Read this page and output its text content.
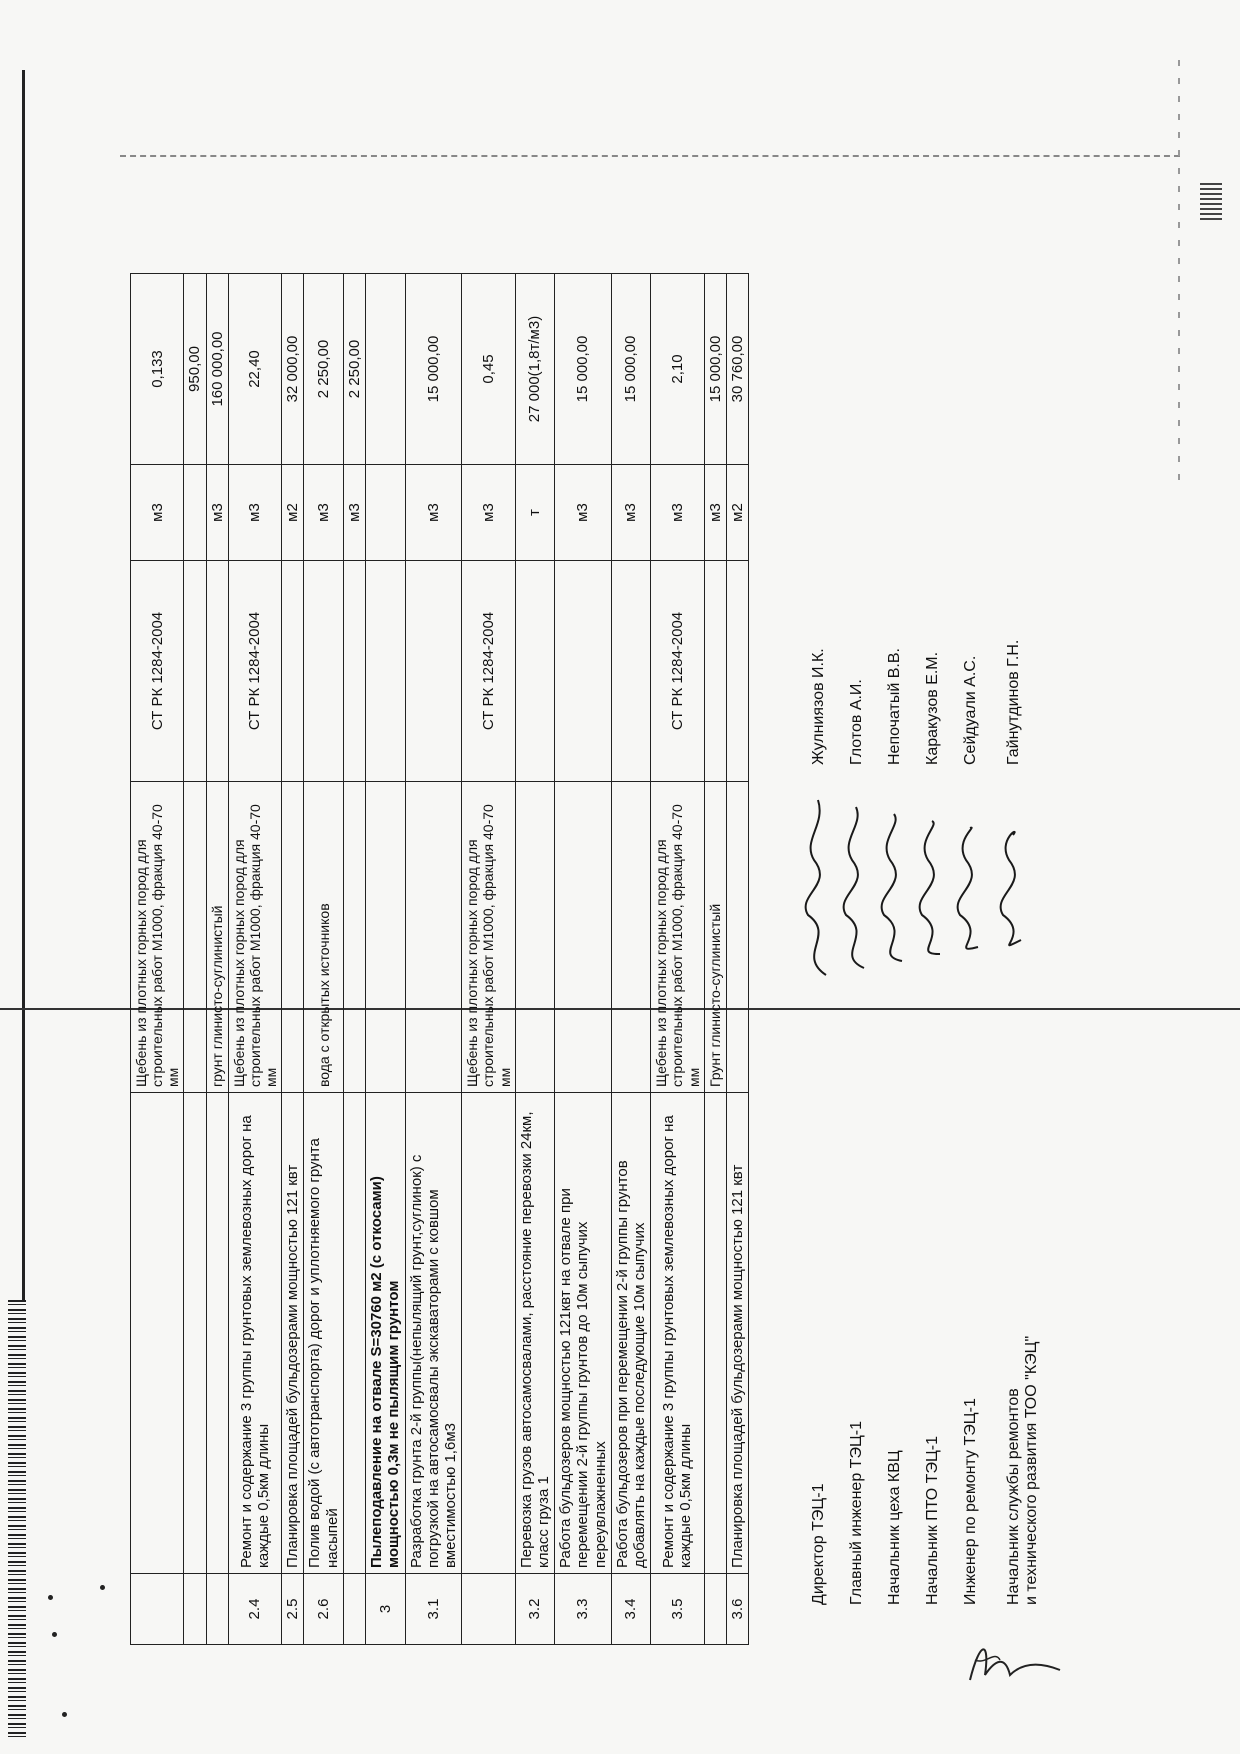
		Щебень из плотных горных пород для строительных работ М1000, фракция 40-70 мм	СТ РК 1284-2004	м3	0,133
					950,00
		грунт глинисто-суглинистый		м3	160 000,00
2.4	Ремонт и содержание 3 группы грунтовых землевозных дорог на каждые 0,5км длины	Щебень из плотных горных пород для строительных работ М1000, фракция 40-70 мм	СТ РК 1284-2004	м3	22,40
2.5	Планировка площадей бульдозерами мощностью 121 квт			м2	32 000,00
2.6	Полив водой (с автотранспорта) дорог и уплотняемого грунта насыпей	вода с открытых источников		м3	2 250,00
				м3	2 250,00
3	Пылеподавление на отвале S=30760 м2 (с откосами) мощностью 0,3м не пылящим грунтом				
3.1	Разработка грунта 2-й группы(непылящий грунт,суглинок) с погрузкой на автосамосвалы экскаваторами с ковшом вместимостью 1,6м3			м3	15 000,00
		Щебень из плотных горных пород для строительных работ М1000, фракция 40-70 мм	СТ РК 1284-2004	м3	0,45
3.2	Перевозка грузов автосамосвалами, расстояние перевозки 24км, класс груза 1			т	27 000(1,8т/м3)
3.3	Работа бульдозеров мощностью 121квт на отвале при перемещении 2-й группы грунтов до 10м сыпучих переувлажненных			м3	15 000,00
3.4	Работа бульдозеров при перемещении 2-й группы грунтов добавлять на каждые последующие 10м сыпучих			м3	15 000,00
3.5	Ремонт и содержание 3 группы грунтовых землевозных дорог на каждые 0,5км длины	Щебень из плотных горных пород для строительных работ М1000, фракция 40-70 мм	СТ РК 1284-2004	м3	2,10
		Грунт глинисто-суглинистый		м3	15 000,00
3.6	Планировка площадей бульдозерами мощностью 121 квт			м2	30 760,00
Директор ТЭЦ-1
Жулниязов И.К.
Главный инженер ТЭЦ-1
Глотов А.И.
Начальник цеха КВЦ
Непочатый В.В.
Начальник ПТО ТЭЦ-1
Каракузов Е.М.
Инженер по ремонту ТЭЦ-1
Сейдуали А.С.
Начальник службы ремонтов
и технического развития ТОО "КЭЦ"
Гайнутдинов Г.Н.
